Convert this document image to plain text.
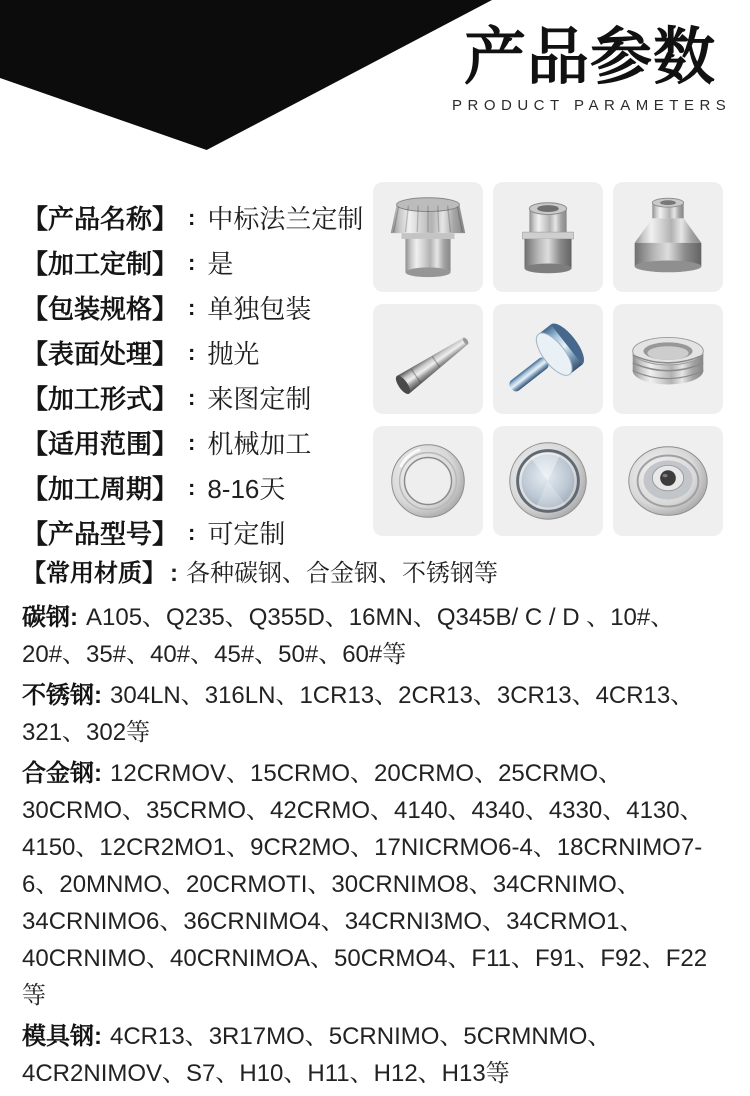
产品参数
PRODUCT PARAMETERS
【产品名称】 : 中标法兰定制
【加工定制】 : 是
【包装规格】 : 单独包装
【表面处理】 : 抛光
【加工形式】 : 来图定制
【适用范围】 : 机械加工
【加工周期】 : 8-16天
【产品型号】 : 可定制
【常用材质】 : 各种碳钢、合金钢、不锈钢等

碳钢: A105、Q235、Q355D、16MN、Q345B/ C / D 、10#、20#、35#、40#、45#、50#、60#等

不锈钢: 304LN、316LN、1CR13、2CR13、3CR13、4CR13、321、302等

合金钢: 12CRMOV、15CRMO、20CRMO、25CRMO、30CRMO、35CRMO、42CRMO、4140、4340、4330、4130、4150、12CR2MO1、9CR2MO、17NICRMO6-4、18CRNIMO7-6、20MNMO、20CRMOTI、30CRNIMO8、34CRNIMO、34CRNIMO6、36CRNIMO4、34CRNI3MO、34CRMO1、40CRNIMO、40CRNIMOA、50CRMO4、F11、F91、F92、F22等

模具钢: 4CR13、3R17MO、5CRNIMO、5CRMNMO、4CR2NIMOV、S7、H10、H11、H12、H13等
